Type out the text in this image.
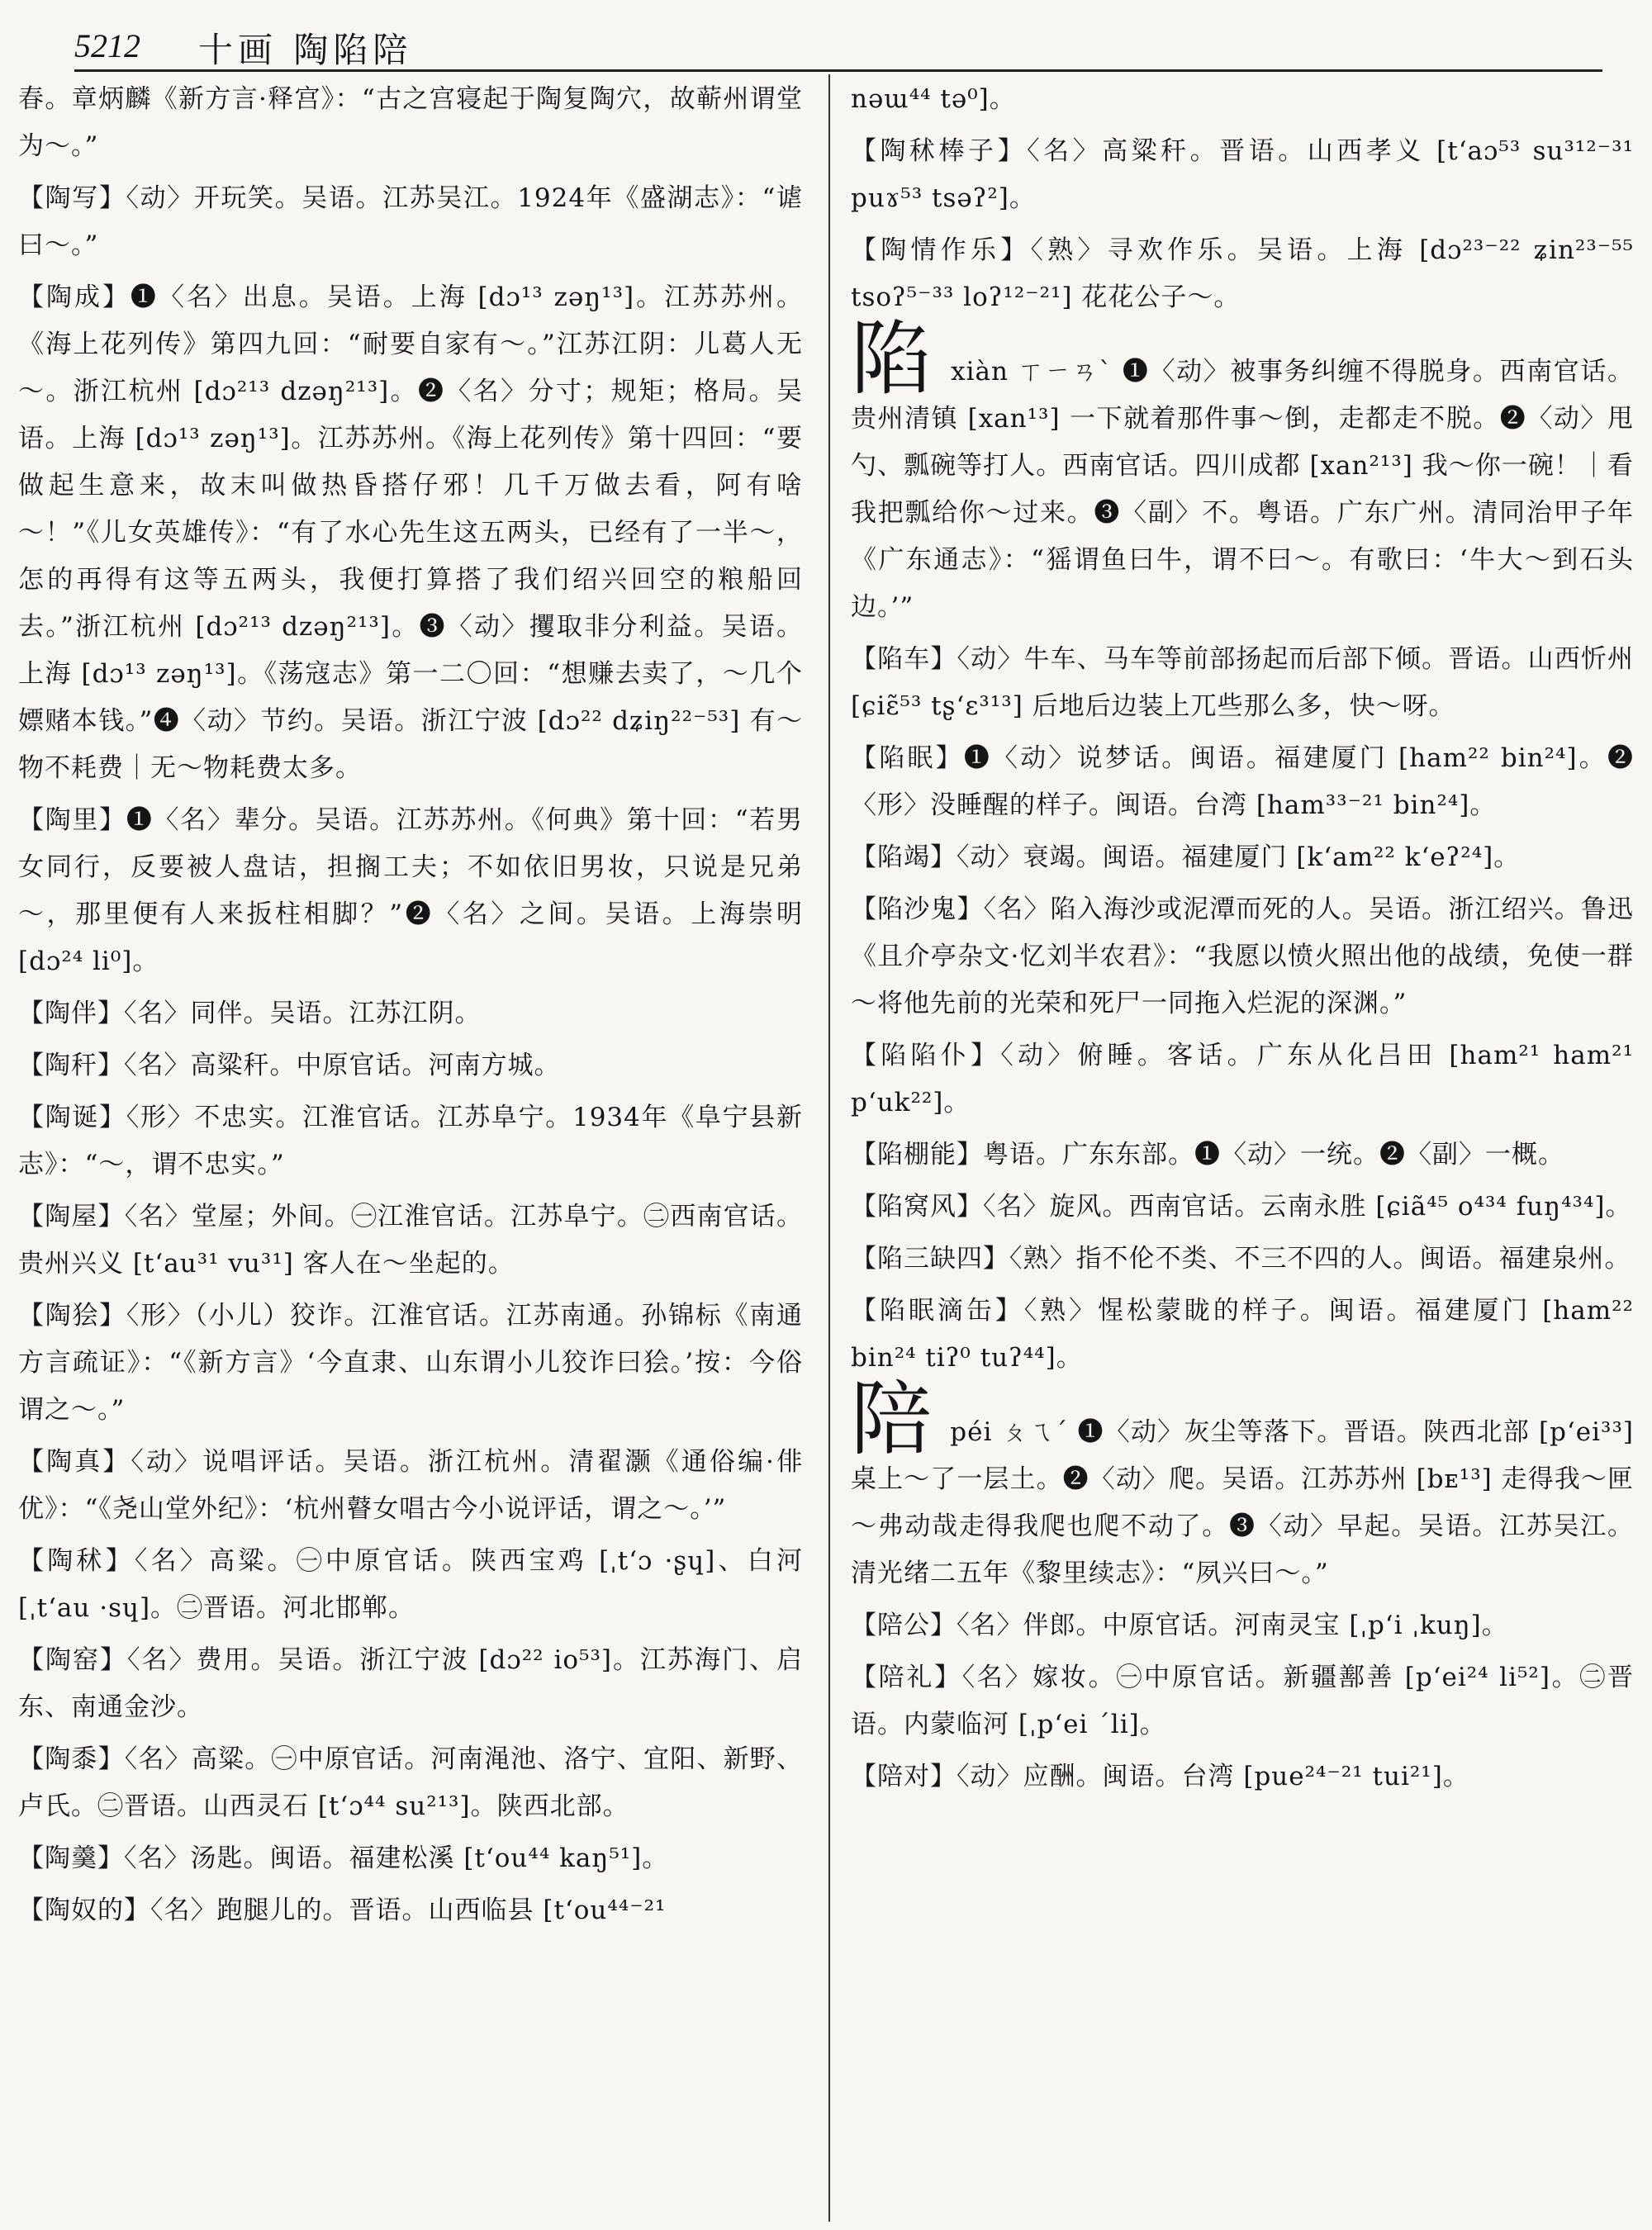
5212 十画 陶陷陪
春。章炳麟《新方言·释宫》：“古之宫寝起于陶复陶穴，故蕲州谓堂为～。”
【陶写】〈动〉开玩笑。吴语。江苏吴江。1924年《盛湖志》：“谑曰～。”
【陶成】❶〈名〉出息。吴语。上海 [dɔ¹³ zəŋ¹³]。江苏苏州。《海上花列传》第四九回：“耐要自家有～。”江苏江阴：儿葛人无～。浙江杭州 [dɔ²¹³ dzəŋ²¹³]。❷〈名〉分寸；规矩；格局。吴语。上海 [dɔ¹³ zəŋ¹³]。江苏苏州。《海上花列传》第十四回：“要做起生意来，故末叫做热昏搭仔邪！几千万做去看，阿有啥～！”《儿女英雄传》：“有了水心先生这五两头，已经有了一半～，怎的再得有这等五两头，我便打算搭了我们绍兴回空的粮船回去。”浙江杭州 [dɔ²¹³ dzəŋ²¹³]。❸〈动〉攫取非分利益。吴语。上海 [dɔ¹³ zəŋ¹³]。《荡寇志》第一二〇回：“想赚去卖了，～几个嫖赌本钱。”❹〈动〉节约。吴语。浙江宁波 [dɔ²² dʑiŋ²²⁻⁵³] 有～物不耗费｜无～物耗费太多。
【陶里】❶〈名〉辈分。吴语。江苏苏州。《何典》第十回：“若男女同行，反要被人盘诘，担搁工夫；不如依旧男妆，只说是兄弟～，那里便有人来扳柱相脚？”❷〈名〉之间。吴语。上海崇明 [dɔ²⁴ li⁰]。
【陶伴】〈名〉同伴。吴语。江苏江阴。
【陶秆】〈名〉高粱秆。中原官话。河南方城。
【陶诞】〈形〉不忠实。江淮官话。江苏阜宁。1934年《阜宁县新志》：“～，谓不忠实。”
【陶屋】〈名〉堂屋；外间。㊀江淮官话。江苏阜宁。㊁西南官话。贵州兴义 [tʻau³¹ vu³¹] 客人在～坐起的。
【陶狯】〈形〉（小儿）狡诈。江淮官话。江苏南通。孙锦标《南通方言疏证》：“《新方言》‘今直隶、山东谓小儿狡诈曰狯。’按：今俗谓之～。”
【陶真】〈动〉说唱评话。吴语。浙江杭州。清翟灏《通俗编·俳优》：“《尧山堂外纪》：‘杭州瞽女唱古今小说评话，谓之～。’”
【陶秫】〈名〉高粱。㊀中原官话。陕西宝鸡 [ˌtʻɔ ·ʂɥ]、白河 [ˌtʻau ·sɥ]。㊁晋语。河北邯郸。
【陶窑】〈名〉费用。吴语。浙江宁波 [dɔ²² io⁵³]。江苏海门、启东、南通金沙。
【陶黍】〈名〉高粱。㊀中原官话。河南渑池、洛宁、宜阳、新野、卢氏。㊁晋语。山西灵石 [tʻɔ⁴⁴ su²¹³]。陕西北部。
【陶羹】〈名〉汤匙。闽语。福建松溪 [tʻou⁴⁴ kaŋ⁵¹]。
【陶奴的】〈名〉跑腿儿的。晋语。山西临县 [tʻou⁴⁴⁻²¹
nəɯ⁴⁴ tə⁰]。
【陶秫棒子】〈名〉高粱秆。晋语。山西孝义 [tʻaɔ⁵³ su³¹²⁻³¹ puɤ⁵³ tsəʔ²]。
【陶情作乐】〈熟〉寻欢作乐。吴语。上海 [dɔ²³⁻²² ʑin²³⁻⁵⁵ tsoʔ⁵⁻³³ loʔ¹²⁻²¹] 花花公子～。
陷 xiàn ㄒㄧㄢˋ ❶〈动〉被事务纠缠不得脱身。西南官话。贵州清镇 [xan¹³] 一下就着那件事～倒，走都走不脱。❷〈动〉甩勺、瓢碗等打人。西南官话。四川成都 [xan²¹³] 我～你一碗！｜看我把瓢给你～过来。❸〈副〉不。粤语。广东广州。清同治甲子年《广东通志》：“猺谓鱼曰牛，谓不曰～。有歌曰：‘牛大～到石头边。’”
【陷车】〈动〉牛车、马车等前部扬起而后部下倾。晋语。山西忻州 [ɕiɛ̃⁵³ tʂʻɛ³¹³] 后地后边装上兀些那么多，快～呀。
【陷眠】❶〈动〉说梦话。闽语。福建厦门 [ham²² bin²⁴]。❷〈形〉没睡醒的样子。闽语。台湾 [ham³³⁻²¹ bin²⁴]。
【陷竭】〈动〉衰竭。闽语。福建厦门 [kʻam²² kʻeʔ²⁴]。
【陷沙鬼】〈名〉陷入海沙或泥潭而死的人。吴语。浙江绍兴。鲁迅《且介亭杂文·忆刘半农君》：“我愿以愤火照出他的战绩，免使一群～将他先前的光荣和死尸一同拖入烂泥的深渊。”
【陷陷仆】〈动〉俯睡。客话。广东从化吕田 [ham²¹ ham²¹ pʻuk²²]。
【陷棚能】粤语。广东东部。❶〈动〉一统。❷〈副〉一概。
【陷窝风】〈名〉旋风。西南官话。云南永胜 [ɕiã⁴⁵ o⁴³⁴ fuŋ⁴³⁴]。
【陷三缺四】〈熟〉指不伦不类、不三不四的人。闽语。福建泉州。
【陷眠滴缶】〈熟〉惺松蒙眬的样子。闽语。福建厦门 [ham²² bin²⁴ tiʔ⁰ tuʔ⁴⁴]。
陪 péi ㄆㄟˊ ❶〈动〉灰尘等落下。晋语。陕西北部 [pʻei³³] 桌上～了一层土。❷〈动〉爬。吴语。江苏苏州 [bᴇ¹³] 走得我～匣～弗动哉走得我爬也爬不动了。❸〈动〉早起。吴语。江苏吴江。清光绪二五年《黎里续志》：“夙兴曰～。”
【陪公】〈名〉伴郎。中原官话。河南灵宝 [ˌpʻi ˌkuŋ]。
【陪礼】〈名〉嫁妆。㊀中原官话。新疆鄯善 [pʻei²⁴ li⁵²]。㊁晋语。内蒙临河 [ˌpʻei ˊli]。
【陪对】〈动〉应酬。闽语。台湾 [pue²⁴⁻²¹ tui²¹]。
